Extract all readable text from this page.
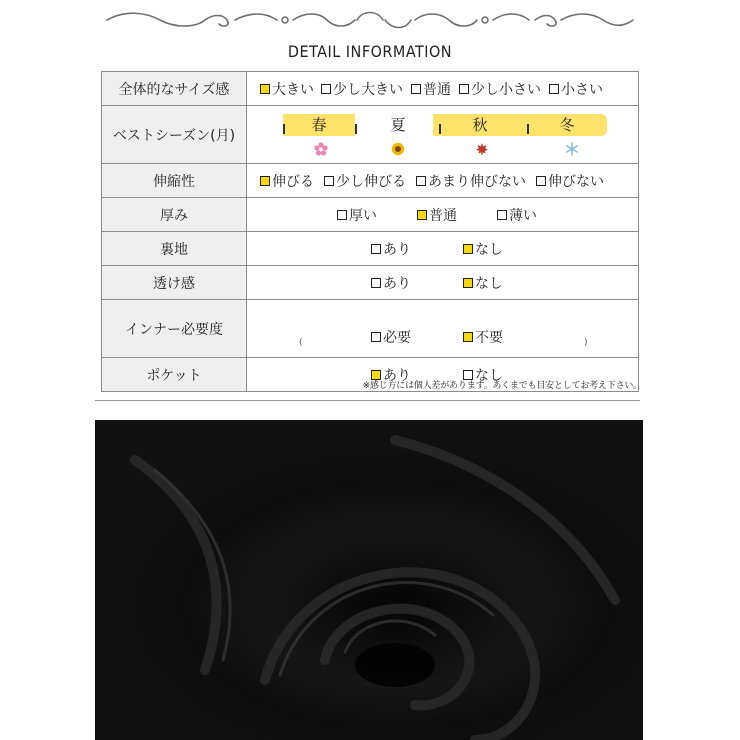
DETAIL INFORMATION
全体的なサイズ感	大きい 少し大きい 普通 少し小さい 小さい

ベストシーズン(月)	春 夏 秋 冬

伸縮性	伸びる 少し伸びる あまり伸びない 伸びない

厚み	厚い 普通 薄い

裏地	あり なし

透け感	あり なし

インナー必要度	必要 不要
( )

ポケット	あり なし
※感じ方には個人差があります。あくまでも目安としてお考え下さい。
